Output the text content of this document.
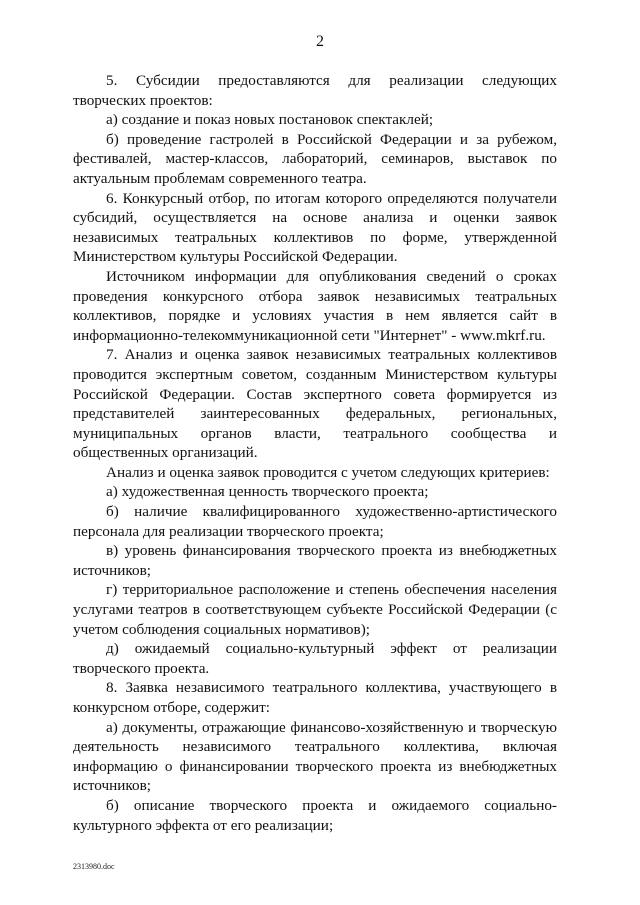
2

5. Субсидии предоставляются для реализации следующих творческих проектов:

а) создание и показ новых постановок спектаклей;

б) проведение гастролей в Российской Федерации и за рубежом, фестивалей, мастер-классов, лабораторий, семинаров, выставок по актуальным проблемам современного театра.

6. Конкурсный отбор, по итогам которого определяются получатели субсидий, осуществляется на основе анализа и оценки заявок независимых театральных коллективов по форме, утвержденной Министерством культуры Российской Федерации.

Источником информации для опубликования сведений о сроках проведения конкурсного отбора заявок независимых театральных коллективов, порядке и условиях участия в нем является сайт в информационно-телекоммуникационной сети "Интернет" - www.mkrf.ru.

7. Анализ и оценка заявок независимых театральных коллективов проводится экспертным советом, созданным Министерством культуры Российской Федерации. Состав экспертного совета формируется из представителей заинтересованных федеральных, региональных, муниципальных органов власти, театрального сообщества и общественных организаций.

Анализ и оценка заявок проводится с учетом следующих критериев:

а) художественная ценность творческого проекта;

б) наличие квалифицированного художественно-артистического персонала для реализации творческого проекта;

в) уровень финансирования творческого проекта из внебюджетных источников;

г) территориальное расположение и степень обеспечения населения услугами театров в соответствующем субъекте Российской Федерации (с учетом соблюдения социальных нормативов);

д) ожидаемый социально-культурный эффект от реализации творческого проекта.

8. Заявка независимого театрального коллектива, участвующего в конкурсном отборе, содержит:

а) документы, отражающие финансово-хозяйственную и творческую деятельность независимого театрального коллектива, включая информацию о финансировании творческого проекта из внебюджетных источников;

б) описание творческого проекта и ожидаемого социально-культурного эффекта от его реализации;

2313980.doc
